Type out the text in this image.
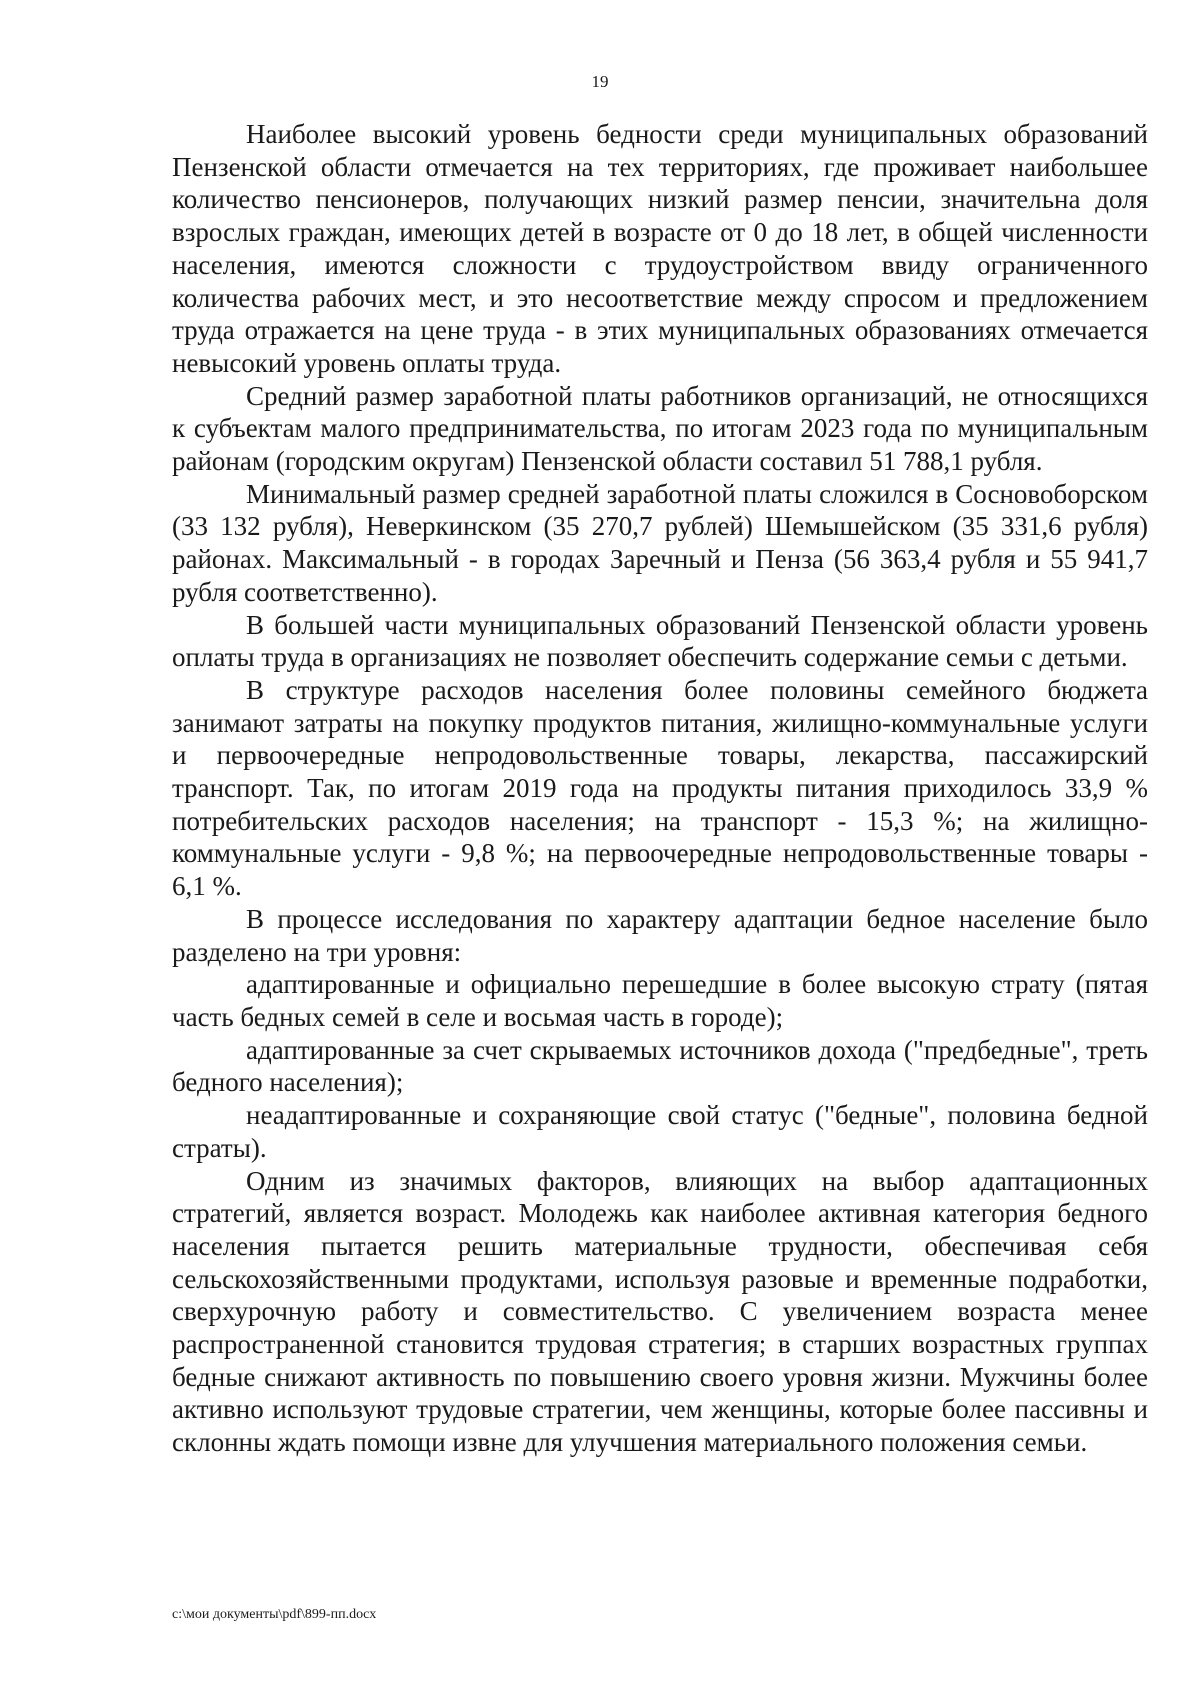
19

Наиболее высокий уровень бедности среди муниципальных образований Пензенской области отмечается на тех территориях, где проживает наибольшее количество пенсионеров, получающих низкий размер пенсии, значительна доля взрослых граждан, имеющих детей в возрасте от 0 до 18 лет, в общей численности населения, имеются сложности с трудоустройством ввиду ограниченного количества рабочих мест, и это несоответствие между спросом и предложением труда отражается на цене труда - в этих муниципальных образованиях отмечается невысокий уровень оплаты труда.

Средний размер заработной платы работников организаций, не относящихся к субъектам малого предпринимательства, по итогам 2023 года по муниципальным районам (городским округам) Пензенской области составил 51 788,1 рубля.

Минимальный размер средней заработной платы сложился в Сосновоборском (33 132 рубля), Неверкинском (35 270,7 рублей) Шемышейском (35 331,6 рубля) районах. Максимальный - в городах Заречный и Пенза (56 363,4 рубля и 55 941,7 рубля соответственно).

В большей части муниципальных образований Пензенской области уровень оплаты труда в организациях не позволяет обеспечить содержание семьи с детьми.

В структуре расходов населения более половины семейного бюджета занимают затраты на покупку продуктов питания, жилищно-коммунальные услуги и первоочередные непродовольственные товары, лекарства, пассажирский транспорт. Так, по итогам 2019 года на продукты питания приходилось 33,9 % потребительских расходов населения; на транспорт - 15,3 %; на жилищно-коммунальные услуги - 9,8 %; на первоочередные непродовольственные товары - 6,1 %.

В процессе исследования по характеру адаптации бедное население было разделено на три уровня:

адаптированные и официально перешедшие в более высокую страту (пятая часть бедных семей в селе и восьмая часть в городе);

адаптированные за счет скрываемых источников дохода ("предбедные", треть бедного населения);

неадаптированные и сохраняющие свой статус ("бедные", половина бедной страты).

Одним из значимых факторов, влияющих на выбор адаптационных стратегий, является возраст. Молодежь как наиболее активная категория бедного населения пытается решить материальные трудности, обеспечивая себя сельскохозяйственными продуктами, используя разовые и временные подработки, сверхурочную работу и совместительство. С увеличением возраста менее распространенной становится трудовая стратегия; в старших возрастных группах бедные снижают активность по повышению своего уровня жизни. Мужчины более активно используют трудовые стратегии, чем женщины, которые более пассивны и склонны ждать помощи извне для улучшения материального положения семьи.

c:\мои документы\pdf\899-пп.docx
